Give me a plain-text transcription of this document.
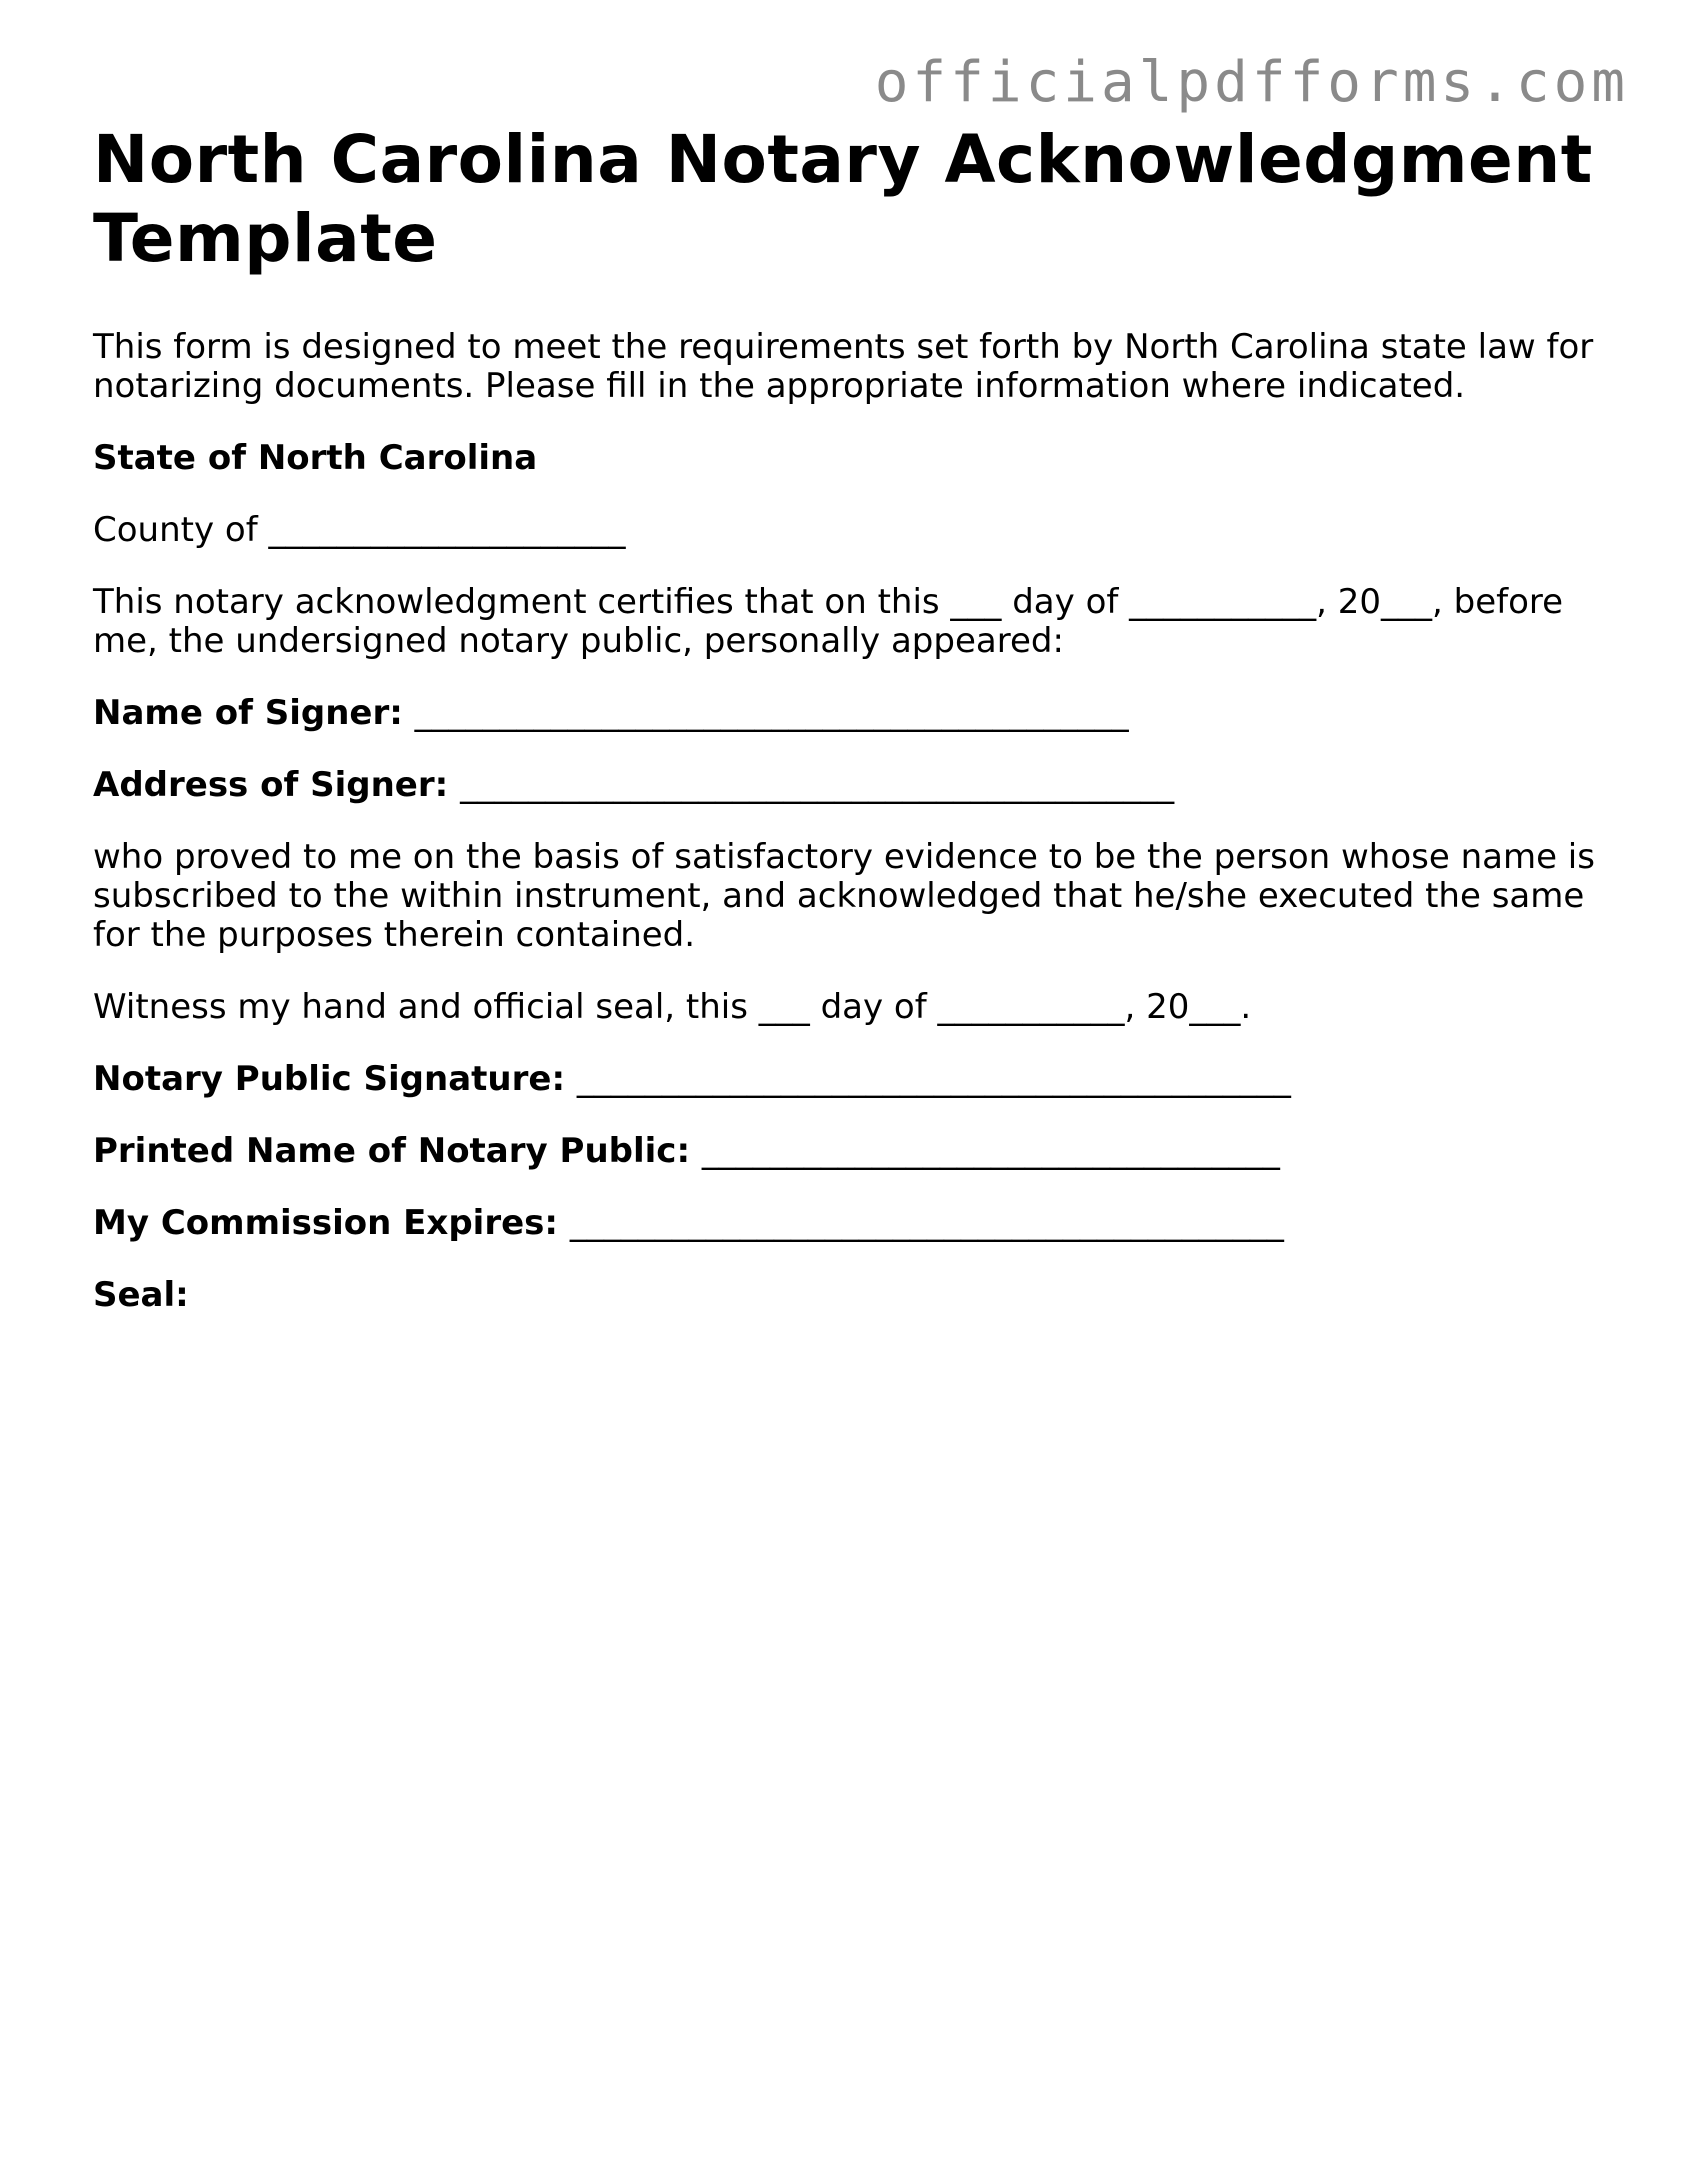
officialpdfforms.com
North Carolina Notary Acknowledgment Template

This form is designed to meet the requirements set forth by North Carolina state law for notarizing documents. Please fill in the appropriate information where indicated.

State of North Carolina

County of _____________________

This notary acknowledgment certifies that on this ___ day of ___________, 20___, before me, the undersigned notary public, personally appeared:

Name of Signer: __________________________________________

Address of Signer: __________________________________________

who proved to me on the basis of satisfactory evidence to be the person whose name is subscribed to the within instrument, and acknowledged that he/she executed the same for the purposes therein contained.

Witness my hand and official seal, this ___ day of ___________, 20___.

Notary Public Signature: __________________________________________

Printed Name of Notary Public: __________________________________

My Commission Expires: __________________________________________

Seal:
